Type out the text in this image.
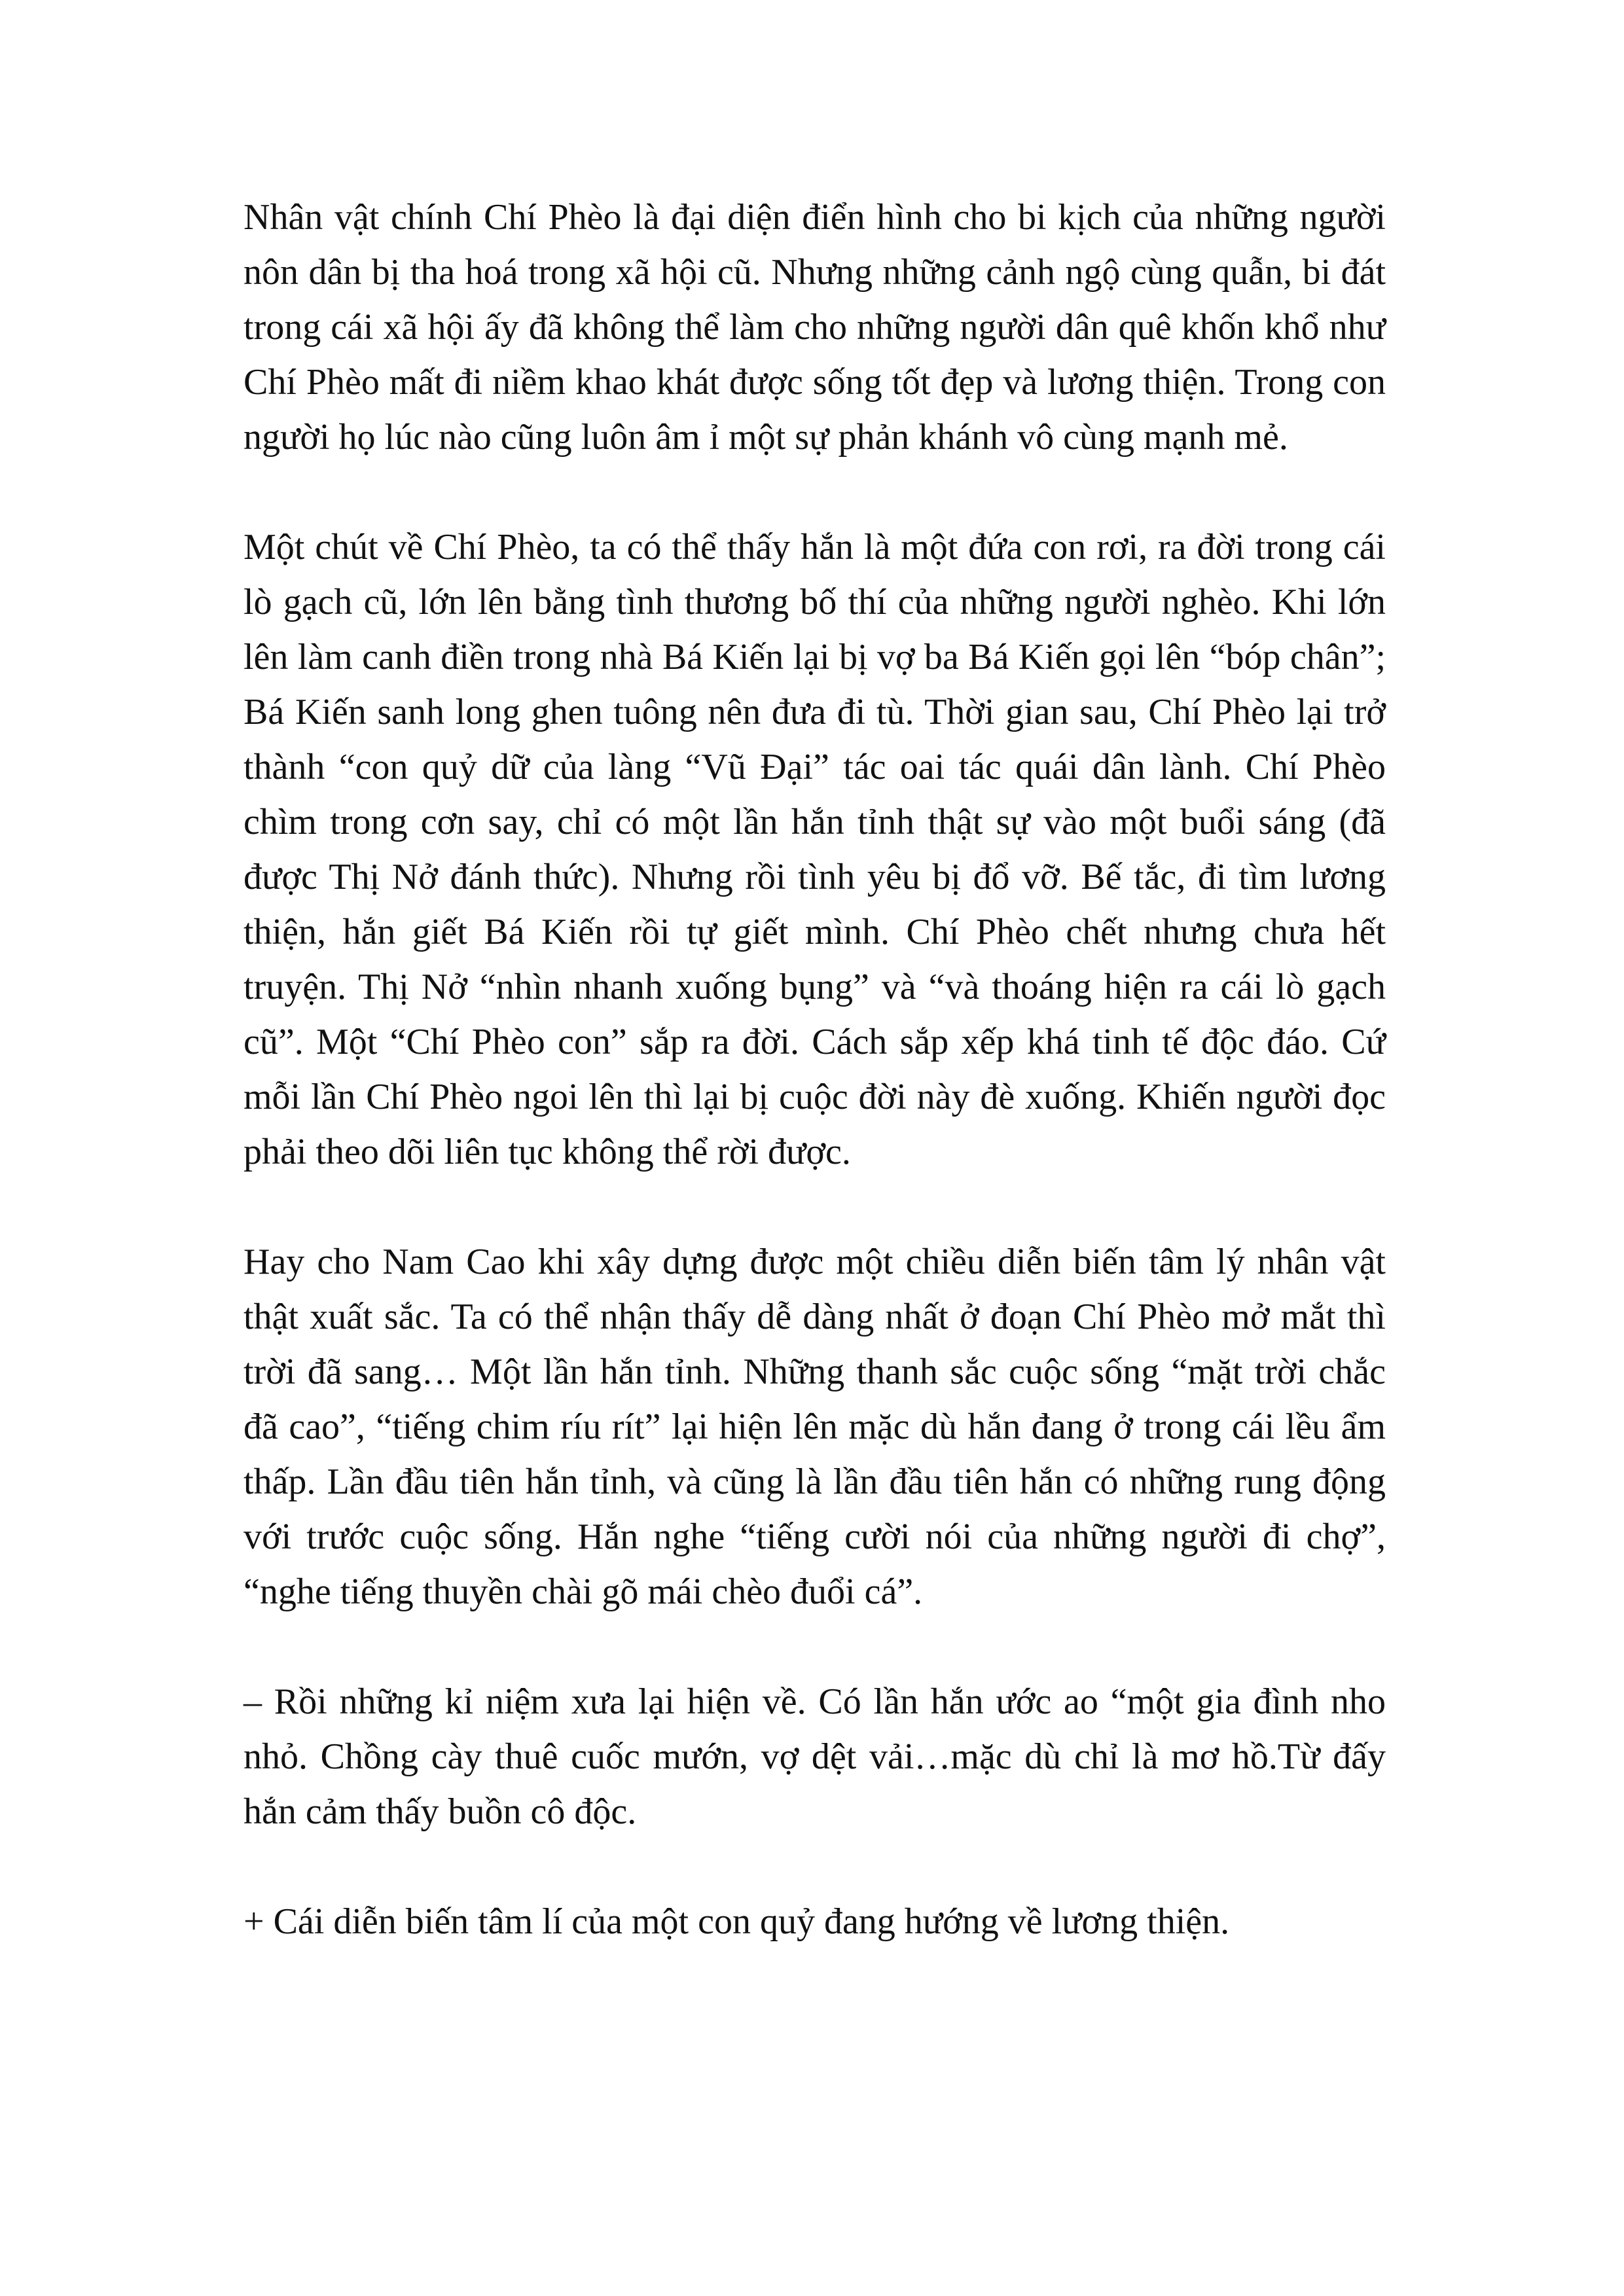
Nhân vật chính Chí Phèo là đại diện điển hình cho bi kịch của những người nôn dân bị tha hoá trong xã hội cũ. Nhưng những cảnh ngộ cùng quẫn, bi đát trong cái xã hội ấy đã không thể làm cho những người dân quê khốn khổ như Chí Phèo mất đi niềm khao khát được sống tốt đẹp và lương thiện. Trong con người họ lúc nào cũng luôn âm ỉ một sự phản khánh vô cùng mạnh mẻ.

Một chút về Chí Phèo, ta có thể thấy hắn là một đứa con rơi, ra đời trong cái lò gạch cũ, lớn lên bằng tình thương bố thí của những người nghèo. Khi lớn lên làm canh điền trong nhà Bá Kiến lại bị vợ ba Bá Kiến gọi lên “bóp chân”; Bá Kiến sanh long ghen tuông nên đưa đi tù. Thời gian sau, Chí Phèo lại trở thành “con quỷ dữ của làng “Vũ Đại” tác oai tác quái dân lành. Chí Phèo chìm trong cơn say, chỉ có một lần hắn tỉnh thật sự vào một buổi sáng (đã được Thị Nở đánh thức). Nhưng rồi tình yêu bị đổ vỡ. Bế tắc, đi tìm lương thiện, hắn giết Bá Kiến rồi tự giết mình. Chí Phèo chết nhưng chưa hết truyện. Thị Nở “nhìn nhanh xuống bụng” và “và thoáng hiện ra cái lò gạch cũ”. Một “Chí Phèo con” sắp ra đời. Cách sắp xếp khá tinh tế độc đáo. Cứ mỗi lần Chí Phèo ngoi lên thì lại bị cuộc đời này đè xuống. Khiến người đọc phải theo dõi liên tục không thể rời được.

Hay cho Nam Cao khi xây dựng được một chiều diễn biến tâm lý nhân vật thật xuất sắc. Ta có thể nhận thấy dễ dàng nhất ở đoạn Chí Phèo mở mắt thì trời đã sang… Một lần hắn tỉnh. Những thanh sắc cuộc sống “mặt trời chắc đã cao”, “tiếng chim ríu rít” lại hiện lên mặc dù hắn đang ở trong cái lều ẩm thấp. Lần đầu tiên hắn tỉnh, và cũng là lần đầu tiên hắn có những rung động với trước cuộc sống. Hắn nghe “tiếng cười nói của những người đi chợ”, “nghe tiếng thuyền chài gõ mái chèo đuổi cá”.

– Rồi những kỉ niệm xưa lại hiện về. Có lần hắn ước ao “một gia đình nho nhỏ. Chồng cày thuê cuốc mướn, vợ dệt vải…mặc dù chỉ là mơ hồ.Từ đấy hắn cảm thấy buồn cô độc.

+ Cái diễn biến tâm lí của một con quỷ đang hướng về lương thiện.
